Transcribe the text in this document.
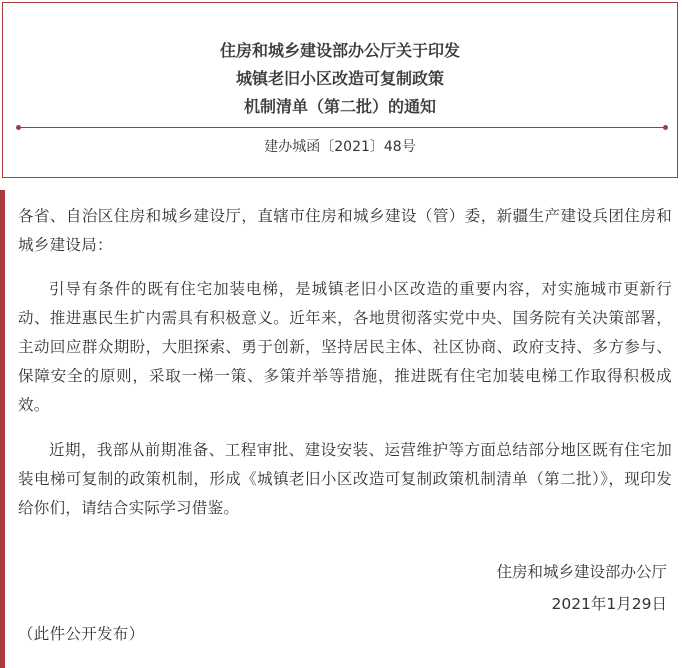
住房和城乡建设部办公厅关于印发
城镇老旧小区改造可复制政策
机制清单（第二批）的通知
建办城函〔2021〕48号

各省、自治区住房和城乡建设厅，直辖市住房和城乡建设（管）委，新疆生产建设兵团住房和城乡建设局：

引导有条件的既有住宅加装电梯，是城镇老旧小区改造的重要内容，对实施城市更新行动、推进惠民生扩内需具有积极意义。近年来，各地贯彻落实党中央、国务院有关决策部署，主动回应群众期盼，大胆探索、勇于创新，坚持居民主体、社区协商、政府支持、多方参与、保障安全的原则，采取一梯一策、多策并举等措施，推进既有住宅加装电梯工作取得积极成效。

近期，我部从前期准备、工程审批、建设安装、运营维护等方面总结部分地区既有住宅加装电梯可复制的政策机制，形成《城镇老旧小区改造可复制政策机制清单（第二批）》，现印发给你们，请结合实际学习借鉴。

住房和城乡建设部办公厅
2021年1月29日
（此件公开发布）
